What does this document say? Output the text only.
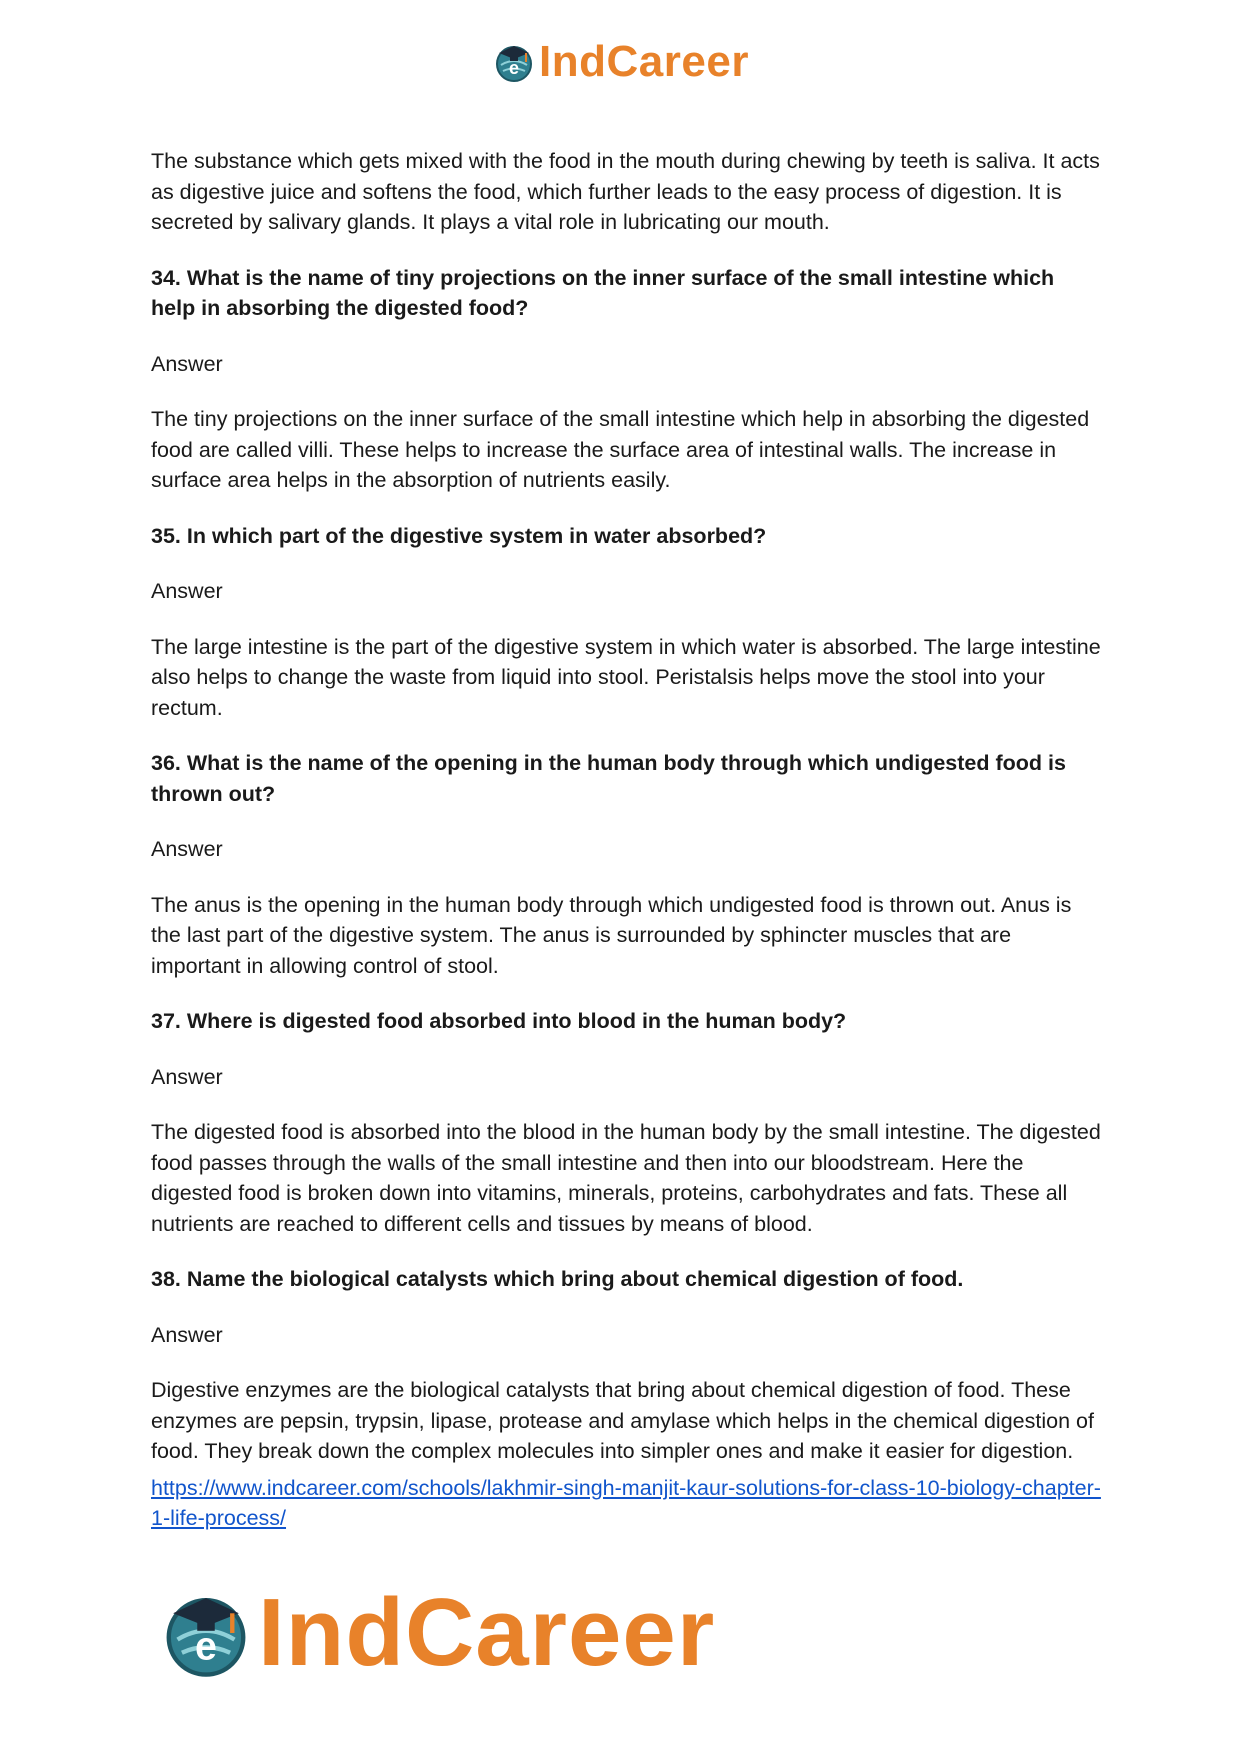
e IndCareer

The substance which gets mixed with the food in the mouth during chewing by teeth is saliva. It acts as digestive juice and softens the food, which further leads to the easy process of digestion. It is secreted by salivary glands. It plays a vital role in lubricating our mouth.

34. What is the name of tiny projections on the inner surface of the small intestine which help in absorbing the digested food?

Answer

The tiny projections on the inner surface of the small intestine which help in absorbing the digested food are called villi. These helps to increase the surface area of intestinal walls. The increase in surface area helps in the absorption of nutrients easily.

35. In which part of the digestive system in water absorbed?

Answer

The large intestine is the part of the digestive system in which water is absorbed. The large intestine also helps to change the waste from liquid into stool. Peristalsis helps move the stool into your rectum.

36. What is the name of the opening in the human body through which undigested food is thrown out?

Answer

The anus is the opening in the human body through which undigested food is thrown out. Anus is the last part of the digestive system. The anus is surrounded by sphincter muscles that are important in allowing control of stool.

37. Where is digested food absorbed into blood in the human body?

Answer

The digested food is absorbed into the blood in the human body by the small intestine. The digested food passes through the walls of the small intestine and then into our bloodstream. Here the digested food is broken down into vitamins, minerals, proteins, carbohydrates and fats. These all nutrients are reached to different cells and tissues by means of blood.

38. Name the biological catalysts which bring about chemical digestion of food.

Answer

Digestive enzymes are the biological catalysts that bring about chemical digestion of food. These enzymes are pepsin, trypsin, lipase, protease and amylase which helps in the chemical digestion of food. They break down the complex molecules into simpler ones and make it easier for digestion.

https://www.indcareer.com/schools/lakhmir-singh-manjit-kaur-solutions-for-class-10-biology-chapter-1-life-process/
e IndCareer
